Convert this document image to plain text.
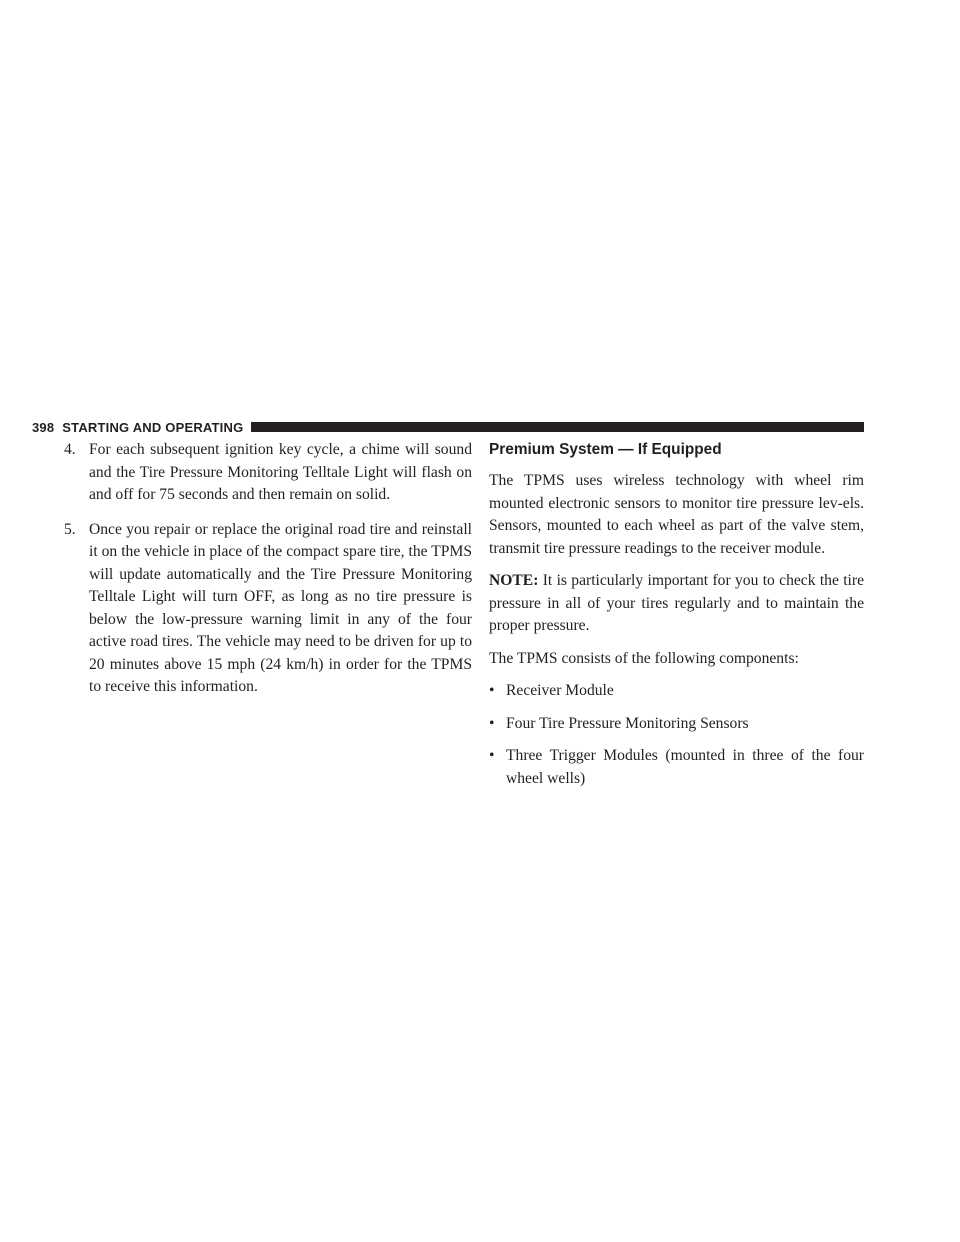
398 STARTING AND OPERATING
4. For each subsequent ignition key cycle, a chime will sound and the Tire Pressure Monitoring Telltale Light will flash on and off for 75 seconds and then remain on solid.
5. Once you repair or replace the original road tire and reinstall it on the vehicle in place of the compact spare tire, the TPMS will update automatically and the Tire Pressure Monitoring Telltale Light will turn OFF, as long as no tire pressure is below the low-pressure warning limit in any of the four active road tires. The vehicle may need to be driven for up to 20 minutes above 15 mph (24 km/h) in order for the TPMS to receive this information.
Premium System — If Equipped

The TPMS uses wireless technology with wheel rim mounted electronic sensors to monitor tire pressure lev-els. Sensors, mounted to each wheel as part of the valve stem, transmit tire pressure readings to the receiver module.

NOTE: It is particularly important for you to check the tire pressure in all of your tires regularly and to maintain the proper pressure.

The TPMS consists of the following components:

• Receiver Module
• Four Tire Pressure Monitoring Sensors
• Three Trigger Modules (mounted in three of the four wheel wells)
